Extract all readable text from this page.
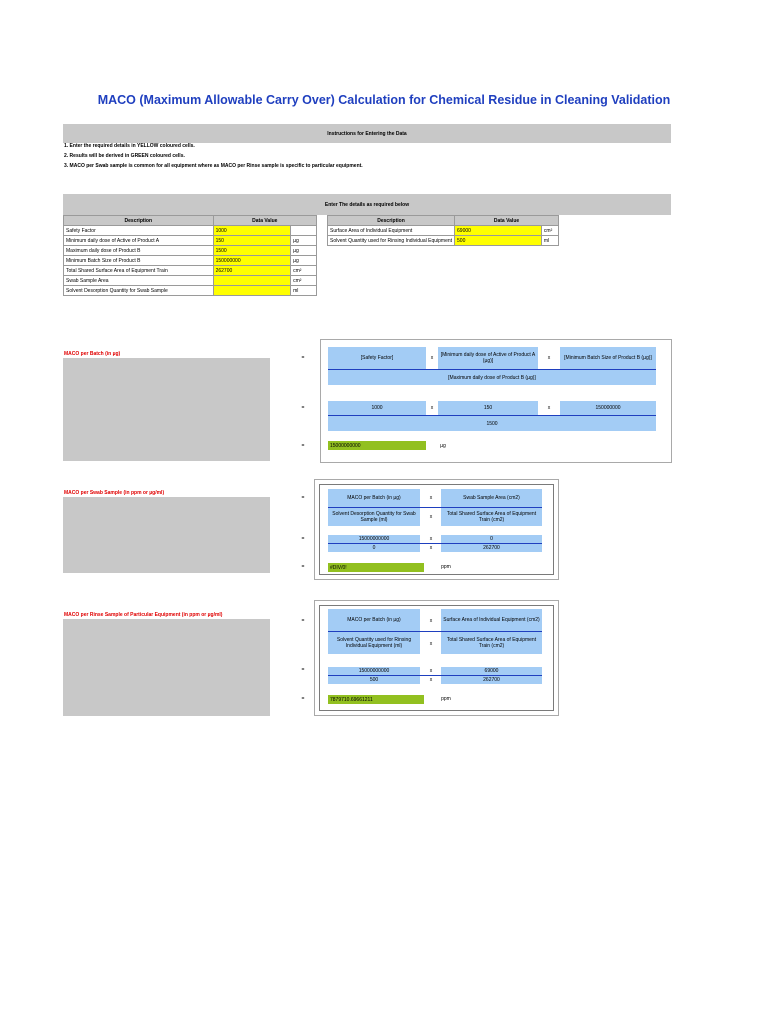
MACO (Maximum Allowable Carry Over) Calculation for Chemical Residue in Cleaning Validation
Instructions for Entering the Data
1. Enter the required details in YELLOW coloured cells.
2. Results will be derived in GREEN coloured cells.
3. MACO per Swab sample is common for all equipment where as MACO per Rinse sample is specific to particular equipment.
Enter The details as required below
Description	Data Value	
Safety Factor	1000	
Minimum daily dose of Active of Product A	150	µg
Maximum daily dose of Product B	1500	µg
Minimum Batch Size of Product B	150000000	µg
Total Shared Surface Area of Equipment Train	262700	cm²
Swab Sample Area		cm²
Solvent Desorption Quantity for Swab Sample		ml
Description	Data Value	
Surface Area of Individual Equipment	69000	cm²
Solvent Quantity used for Rinsing Individual Equipment	500	ml
MACO per Batch (in µg)
=	[Safety Factor]	x	[Minimum daily dose of Active of Product A (µg)]	x	[Minimum Batch Size of Product B (µg)]
[Maximum daily dose of Product B (µg)]
=	1000	x	150	x	150000000
1500
=	15000000000	µg
MACO per Swab Sample (in ppm or µg/ml)
=	MACO per Batch (in µg)	x	Swab Sample Area (cm2)
Solvent Desorption Quantity for Swab Sample (ml)	x	Total Shared Surface Area of Equipment Train (cm2)
=	15000000000	x	0
0	x	262700
=	#DIV/0!	ppm
MACO per Rinse Sample of Particular Equipment (in ppm or µg/ml)
=	MACO per Batch (in µg)	x	Surface Area of Individual Equipment (cm2)
Solvent Quantity used for Rinsing Individual Equipment (ml)	x
Total Shared Surface Area of Equipment Train (cm2)
=	15000000000	x	69000
500	x	262700
=	7879710.69661211	ppm
